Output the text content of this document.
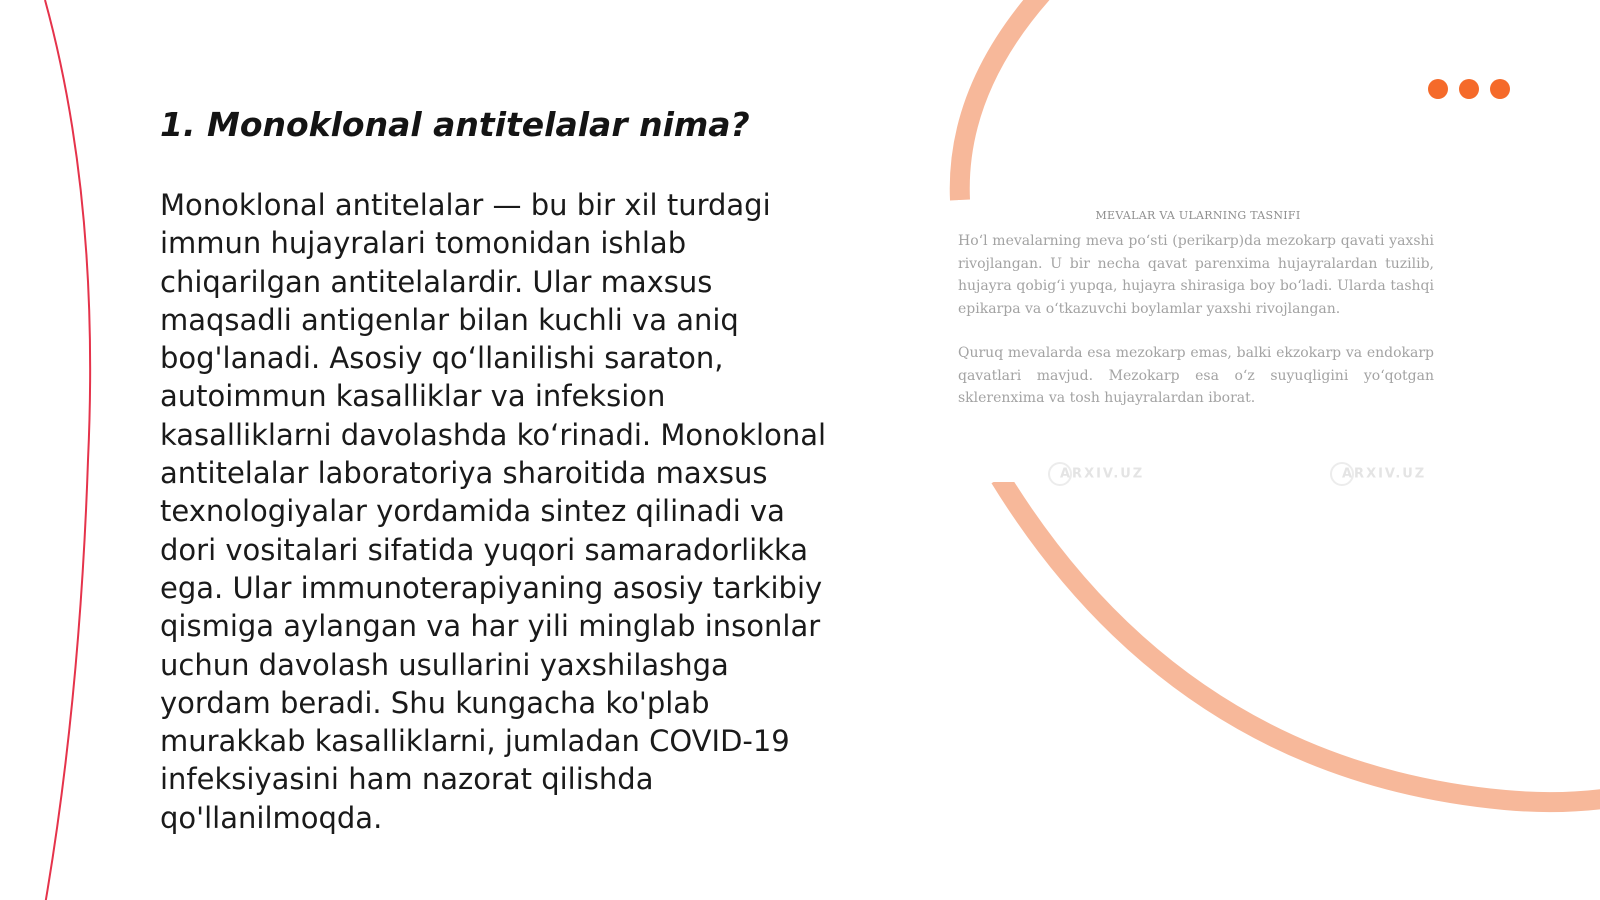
1. Monoklonal antitelalar nima?

Monoklonal antitelalar — bu bir xil turdagi immun hujayralari tomonidan ishlab chiqarilgan antitelalardir. Ular maxsus maqsadli antigenlar bilan kuchli va aniq bog'lanadi. Asosiy qo‘llanilishi saraton, autoimmun kasalliklar va infeksion kasalliklarni davolashda ko‘rinadi. Monoklonal antitelalar laboratoriya sharoitida maxsus texnologiyalar yordamida sintez qilinadi va dori vositalari sifatida yuqori samaradorlikka ega. Ular immunoterapiyaning asosiy tarkibiy qismiga aylangan va har yili minglab insonlar uchun davolash usullarini yaxshilashga yordam beradi. Shu kungacha ko'plab murakkab kasalliklarni, jumladan COVID-19 infeksiyasini ham nazorat qilishda qo'llanilmoqda.

MEVALAR VA ULARNING TASNIFI

Ho‘l mevalarning meva po‘sti (perikarp)da mezokarp qavati yaxshi rivojlangan. U bir necha qavat parenxima hujayralardan tuzilib, hujayra qobig‘i yupqa, hujayra shirasiga boy bo‘ladi. Ularda tashqi epikarpa va o‘tkazuvchi boylamlar yaxshi rivojlangan.

Quruq mevalarda esa mezokarp emas, balki ekzokarp va endokarp qavatlari mavjud. Mezokarp esa o‘z suyuqligini yo‘qotgan sklerenxima va tosh hujayralardan iborat.

ARXIV.UZ	ARXIV.UZ
